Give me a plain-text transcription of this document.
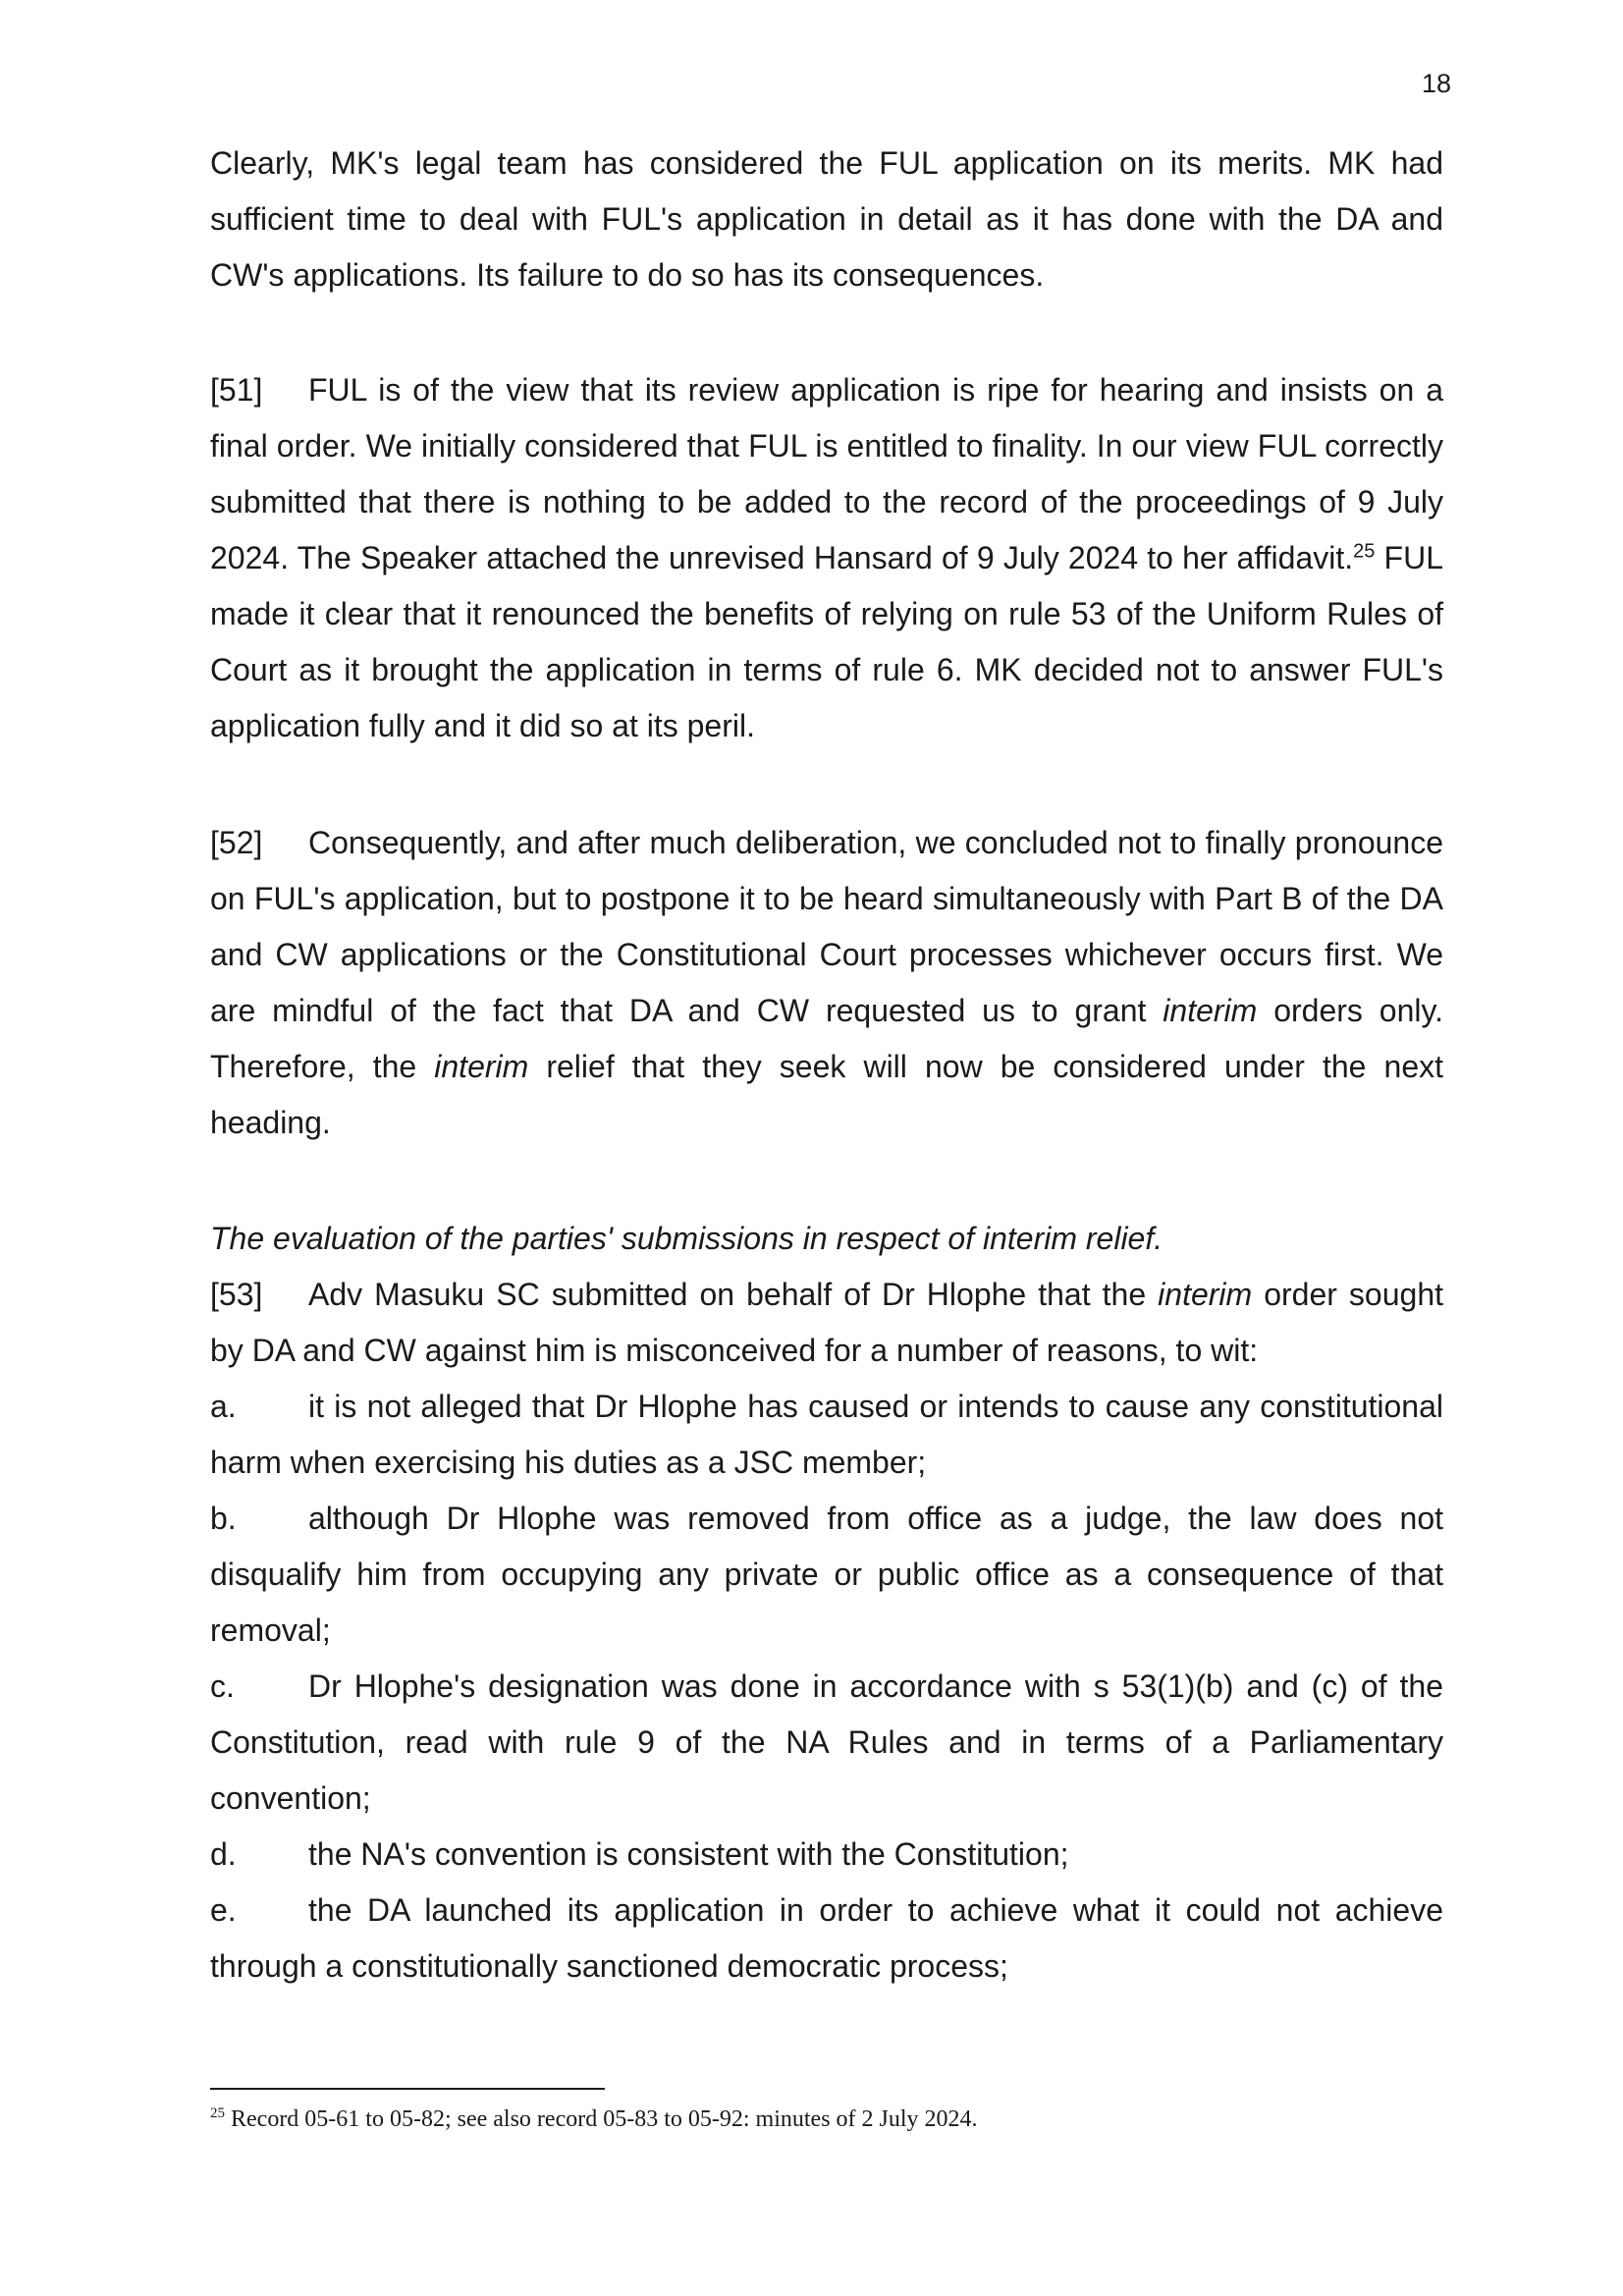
18

Clearly, MK's legal team has considered the FUL application on its merits. MK had sufficient time to deal with FUL's application in detail as it has done with the DA and CW's applications. Its failure to do so has its consequences.

[51] FUL is of the view that its review application is ripe for hearing and insists on a final order. We initially considered that FUL is entitled to finality. In our view FUL correctly submitted that there is nothing to be added to the record of the proceedings of 9 July 2024. The Speaker attached the unrevised Hansard of 9 July 2024 to her affidavit.$^{25}$ FUL made it clear that it renounced the benefits of relying on rule 53 of the Uniform Rules of Court as it brought the application in terms of rule 6. MK decided not to answer FUL's application fully and it did so at its peril.

[52] Consequently, and after much deliberation, we concluded not to finally pronounce on FUL's application, but to postpone it to be heard simultaneously with Part B of the DA and CW applications or the Constitutional Court processes whichever occurs first. We are mindful of the fact that DA and CW requested us to grant interim orders only. Therefore, the interim relief that they seek will now be considered under the next heading.

The evaluation of the parties' submissions in respect of interim relief.

[53] Adv Masuku SC submitted on behalf of Dr Hlophe that the interim order sought by DA and CW against him is misconceived for a number of reasons, to wit:

a. it is not alleged that Dr Hlophe has caused or intends to cause any constitutional harm when exercising his duties as a JSC member;

b. although Dr Hlophe was removed from office as a judge, the law does not disqualify him from occupying any private or public office as a consequence of that removal;

c. Dr Hlophe's designation was done in accordance with s 53(1)(b) and (c) of the Constitution, read with rule 9 of the NA Rules and in terms of a Parliamentary convention;

d. the NA's convention is consistent with the Constitution;

e. the DA launched its application in order to achieve what it could not achieve through a constitutionally sanctioned democratic process;

$^{25}$ Record 05-61 to 05-82; see also record 05-83 to 05-92: minutes of 2 July 2024.
